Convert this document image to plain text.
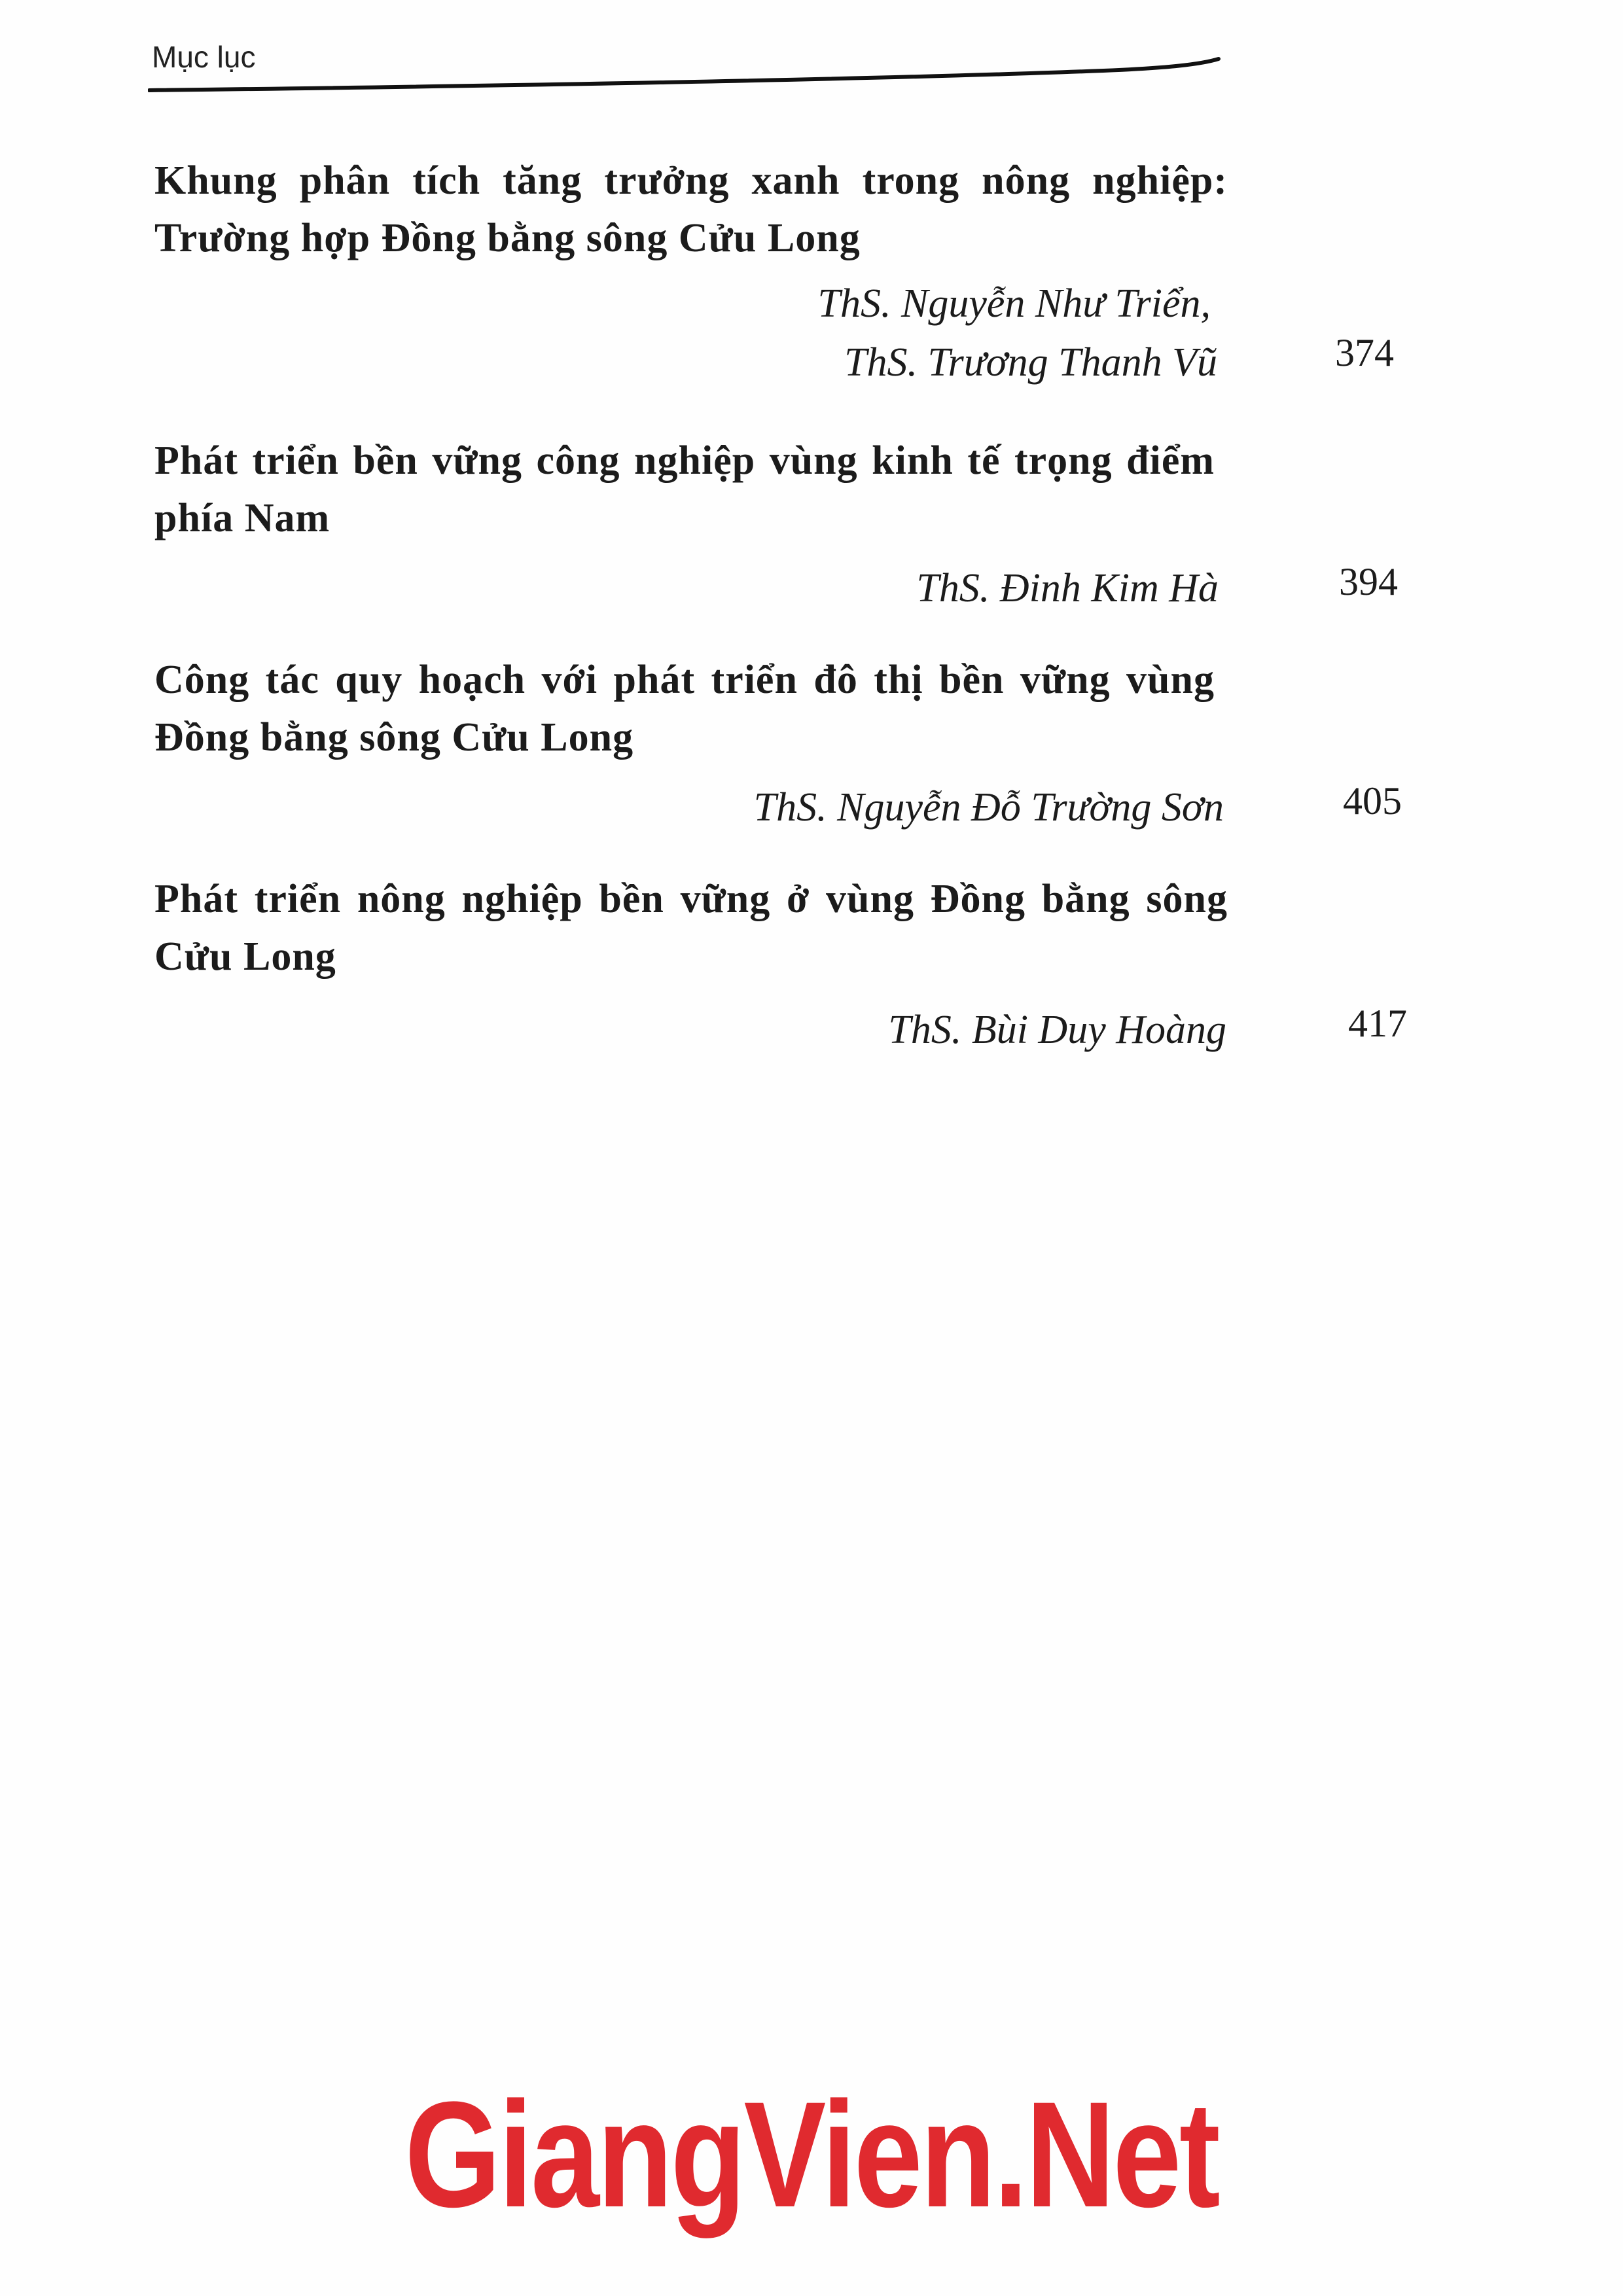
Mục lục
Khung phân tích tăng trưởng xanh trong nông nghiệp: Trường hợp Đồng bằng sông Cửu Long
ThS. Nguyễn Như Triển,
ThS. Trương Thanh Vũ	374
Phát triển bền vững công nghiệp vùng kinh tế trọng điểm phía Nam
ThS. Đinh Kim Hà	394
Công tác quy hoạch với phát triển đô thị bền vững vùng Đồng bằng sông Cửu Long
ThS. Nguyễn Đỗ Trường Sơn	405
Phát triển nông nghiệp bền vững ở vùng Đồng bằng sông Cửu Long
ThS. Bùi Duy Hoàng	417
GiangVien.Net
